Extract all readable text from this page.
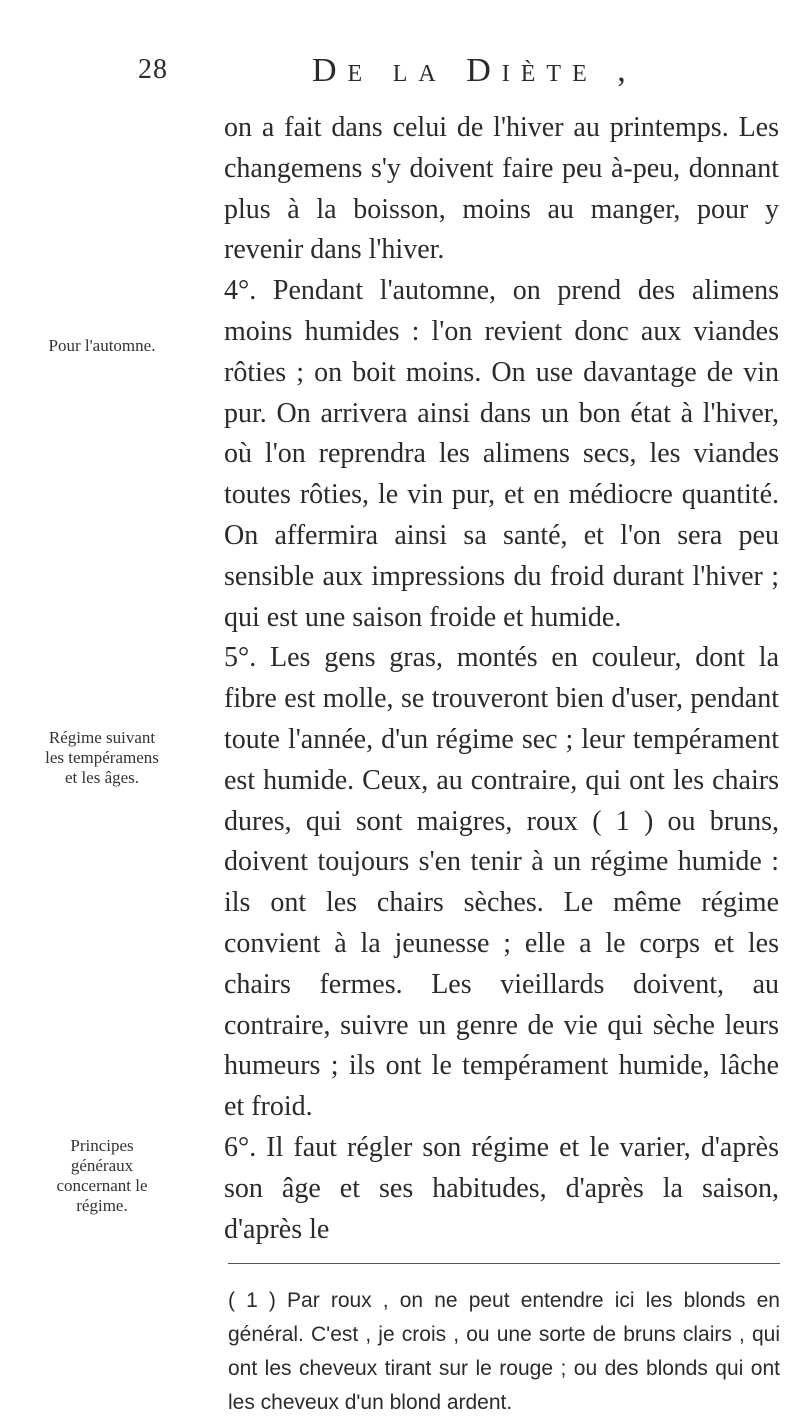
28	De la Diète ,
Pour l'automne.
Régime suivant les tempéramens et les âges.
Principes généraux concernant le régime.

on a fait dans celui de l'hiver au printemps. Les changemens s'y doivent faire peu à-peu, donnant plus à la boisson, moins au manger, pour y revenir dans l'hiver.

4°. Pendant l'automne, on prend des alimens moins humides : l'on revient donc aux viandes rôties ; on boit moins. On use davantage de vin pur. On arrivera ainsi dans un bon état à l'hiver, où l'on reprendra les alimens secs, les viandes toutes rôties, le vin pur, et en médiocre quantité. On affermira ainsi sa santé, et l'on sera peu sensible aux impressions du froid durant l'hiver ; qui est une saison froide et humide.

5°. Les gens gras, montés en couleur, dont la fibre est molle, se trouveront bien d'user, pendant toute l'année, d'un régime sec ; leur tempérament est humide. Ceux, au contraire, qui ont les chairs dures, qui sont maigres, roux ( 1 ) ou bruns, doivent toujours s'en tenir à un régime humide : ils ont les chairs sèches. Le même régime convient à la jeunesse ; elle a le corps et les chairs fermes. Les vieillards doivent, au contraire, suivre un genre de vie qui sèche leurs humeurs ; ils ont le tempérament humide, lâche et froid.

6°. Il faut régler son régime et le varier, d'après son âge et ses habitudes, d'après la saison, d'après le

( 1 ) Par roux , on ne peut entendre ici les blonds en général. C'est , je crois , ou une sorte de bruns clairs , qui ont les cheveux tirant sur le rouge ; ou des blonds qui ont les cheveux d'un blond ardent.
